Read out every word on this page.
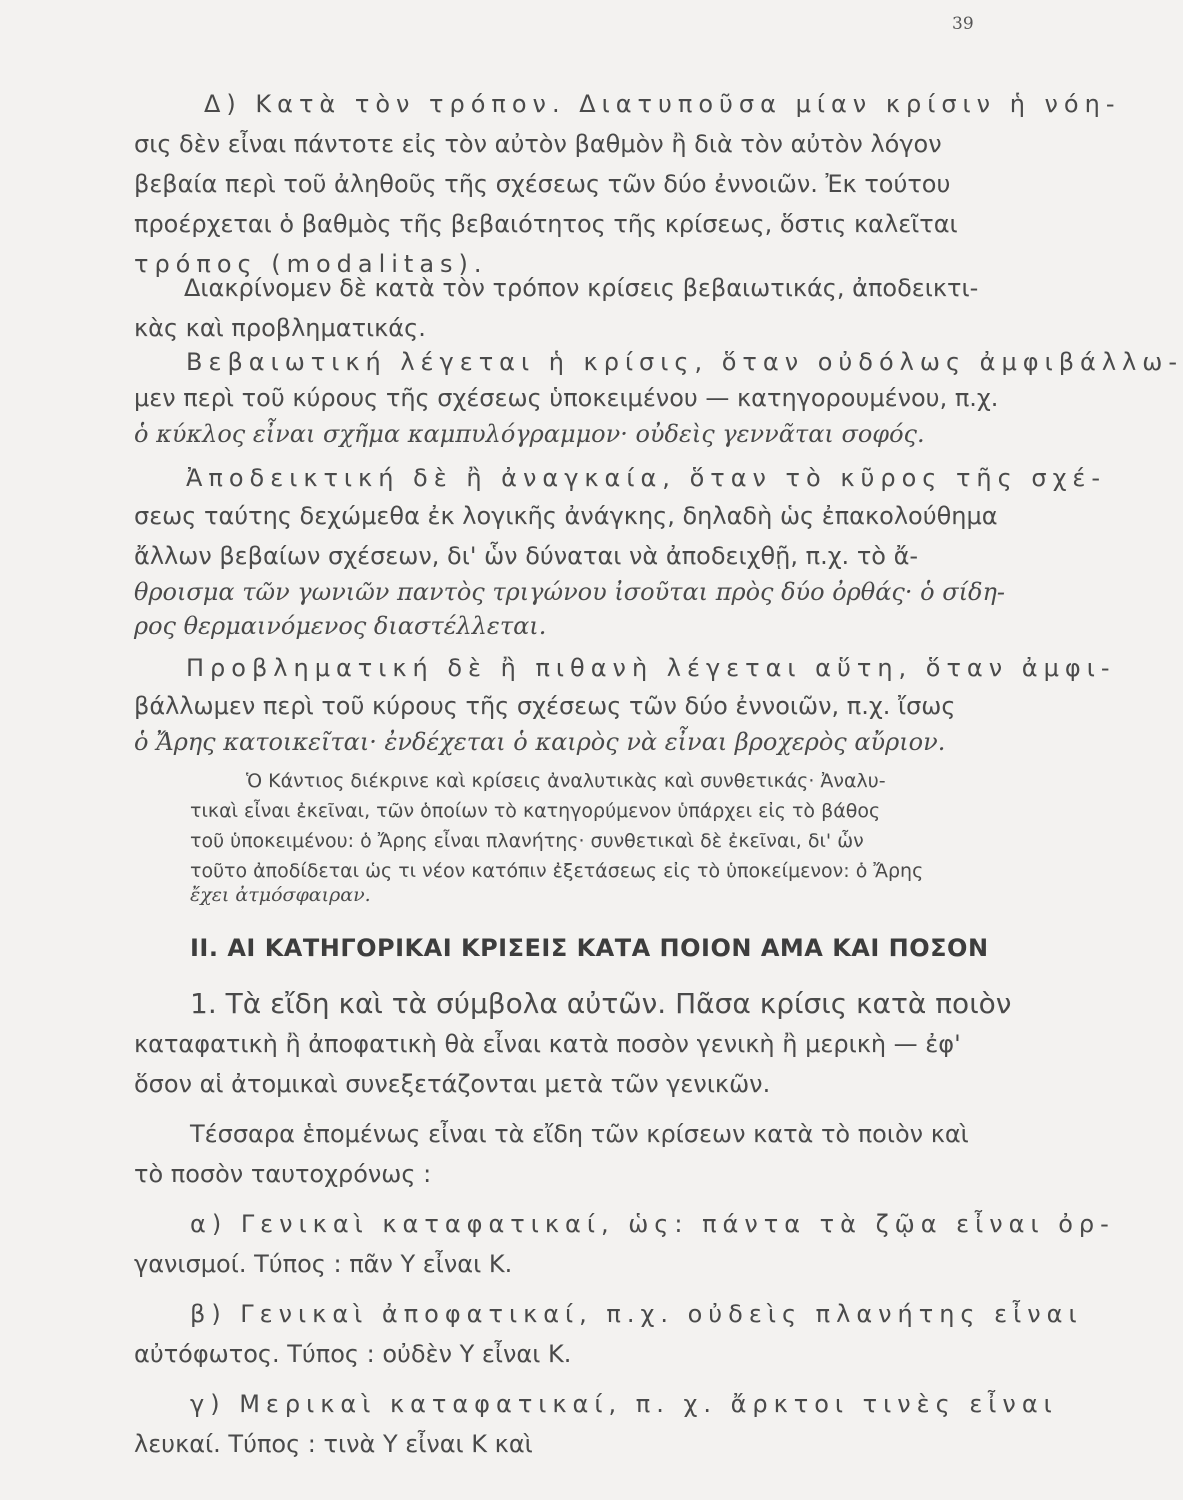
39
Δ) Κατὰ τὸν τρόπον. Διατυποῦσα μίαν κρίσιν ἡ νόη-
σις δὲν εἶναι πάντοτε εἰς τὸν αὐτὸν βαθμὸν ἢ διὰ τὸν αὐτὸν λόγον
βεβαία περὶ τοῦ ἀληθοῦς τῆς σχέσεως τῶν δύο ἐννοιῶν. Ἐκ τούτου
προέρχεται ὁ βαθμὸς τῆς βεβαιότητος τῆς κρίσεως, ὅστις καλεῖται
τρόπος (modalitas).
Διακρίνομεν δὲ κατὰ τὸν τρόπον κρίσεις βεβαιωτικάς, ἀποδεικτι-
κὰς καὶ προβληματικάς.
Βεβαιωτική λέγεται ἡ κρίσις, ὅταν οὐδόλως ἀμφιβάλλω-
μεν περὶ τοῦ κύρους τῆς σχέσεως ὑποκειμένου — κατηγορουμένου, π.χ.
ὁ κύκλος εἶναι σχῆμα καμπυλόγραμμον· οὐδεὶς γεννᾶται σοφός.
Ἀποδεικτική δὲ ἢ ἀναγκαία, ὅταν τὸ κῦρος τῆς σχέ-
σεως ταύτης δεχώμεθα ἐκ λογικῆς ἀνάγκης, δηλαδὴ ὡς ἐπακολούθημα
ἄλλων βεβαίων σχέσεων, δι' ὧν δύναται νὰ ἀποδειχθῇ, π.χ. τὸ ἄ-
θροισμα τῶν γωνιῶν παντὸς τριγώνου ἰσοῦται πρὸς δύο ὀρθάς· ὁ σίδη-
ρος θερμαινόμενος διαστέλλεται.
Προβληματική δὲ ἢ πιθανὴ λέγεται αὕτη, ὅταν ἀμφι-
βάλλωμεν περὶ τοῦ κύρους τῆς σχέσεως τῶν δύο ἐννοιῶν, π.χ. ἴσως
ὁ Ἄρης κατοικεῖται· ἐνδέχεται ὁ καιρὸς νὰ εἶναι βροχερὸς αὔριον.
Ὁ Κάντιος διέκρινε καὶ κρίσεις ἀναλυτικὰς καὶ συνθετικάς· Ἀναλυ-
τικαὶ εἶναι ἐκεῖναι, τῶν ὁποίων τὸ κατηγορύμενον ὑπάρχει εἰς τὸ βάθος
τοῦ ὑποκειμένου: ὁ Ἄρης εἶναι πλανήτης· συνθετικαὶ δὲ ἐκεῖναι, δι' ὧν
τοῦτο ἀποδίδεται ὡς τι νέον κατόπιν ἐξετάσεως εἰς τὸ ὑποκείμενον: ὁ Ἄρης
ἔχει ἀτμόσφαιραν.
II. ΑΙ ΚΑΤΗΓΟΡΙΚΑΙ ΚΡΙΣΕΙΣ ΚΑΤΑ ΠΟΙΟΝ ΑΜΑ ΚΑΙ ΠΟΣΟΝ
1. Τὰ εἴδη καὶ τὰ σύμβολα αὐτῶν. Πᾶσα κρίσις κατὰ ποιὸν
καταφατικὴ ἢ ἀποφατικὴ θὰ εἶναι κατὰ ποσὸν γενικὴ ἢ μερικὴ — ἐφ'
ὅσον αἱ ἀτομικαὶ συνεξετάζονται μετὰ τῶν γενικῶν.
Τέσσαρα ἑπομένως εἶναι τὰ εἴδη τῶν κρίσεων κατὰ τὸ ποιὸν καὶ
τὸ ποσὸν ταυτοχρόνως :
α) Γενικαὶ καταφατικαί, ὡς: πάντα τὰ ζῷα εἶναι ὀρ-
γανισμοί. Τύπος : πᾶν Υ εἶναι Κ.
β) Γενικαὶ ἀποφατικαί, π.χ. οὐδεὶς πλανήτης εἶναι
αὐτόφωτος. Τύπος : οὐδὲν Υ εἶναι Κ.
γ) Μερικαὶ καταφατικαί, π. χ. ἄρκτοι τινὲς εἶναι
λευκαί. Τύπος : τινὰ Υ εἶναι Κ καὶ
